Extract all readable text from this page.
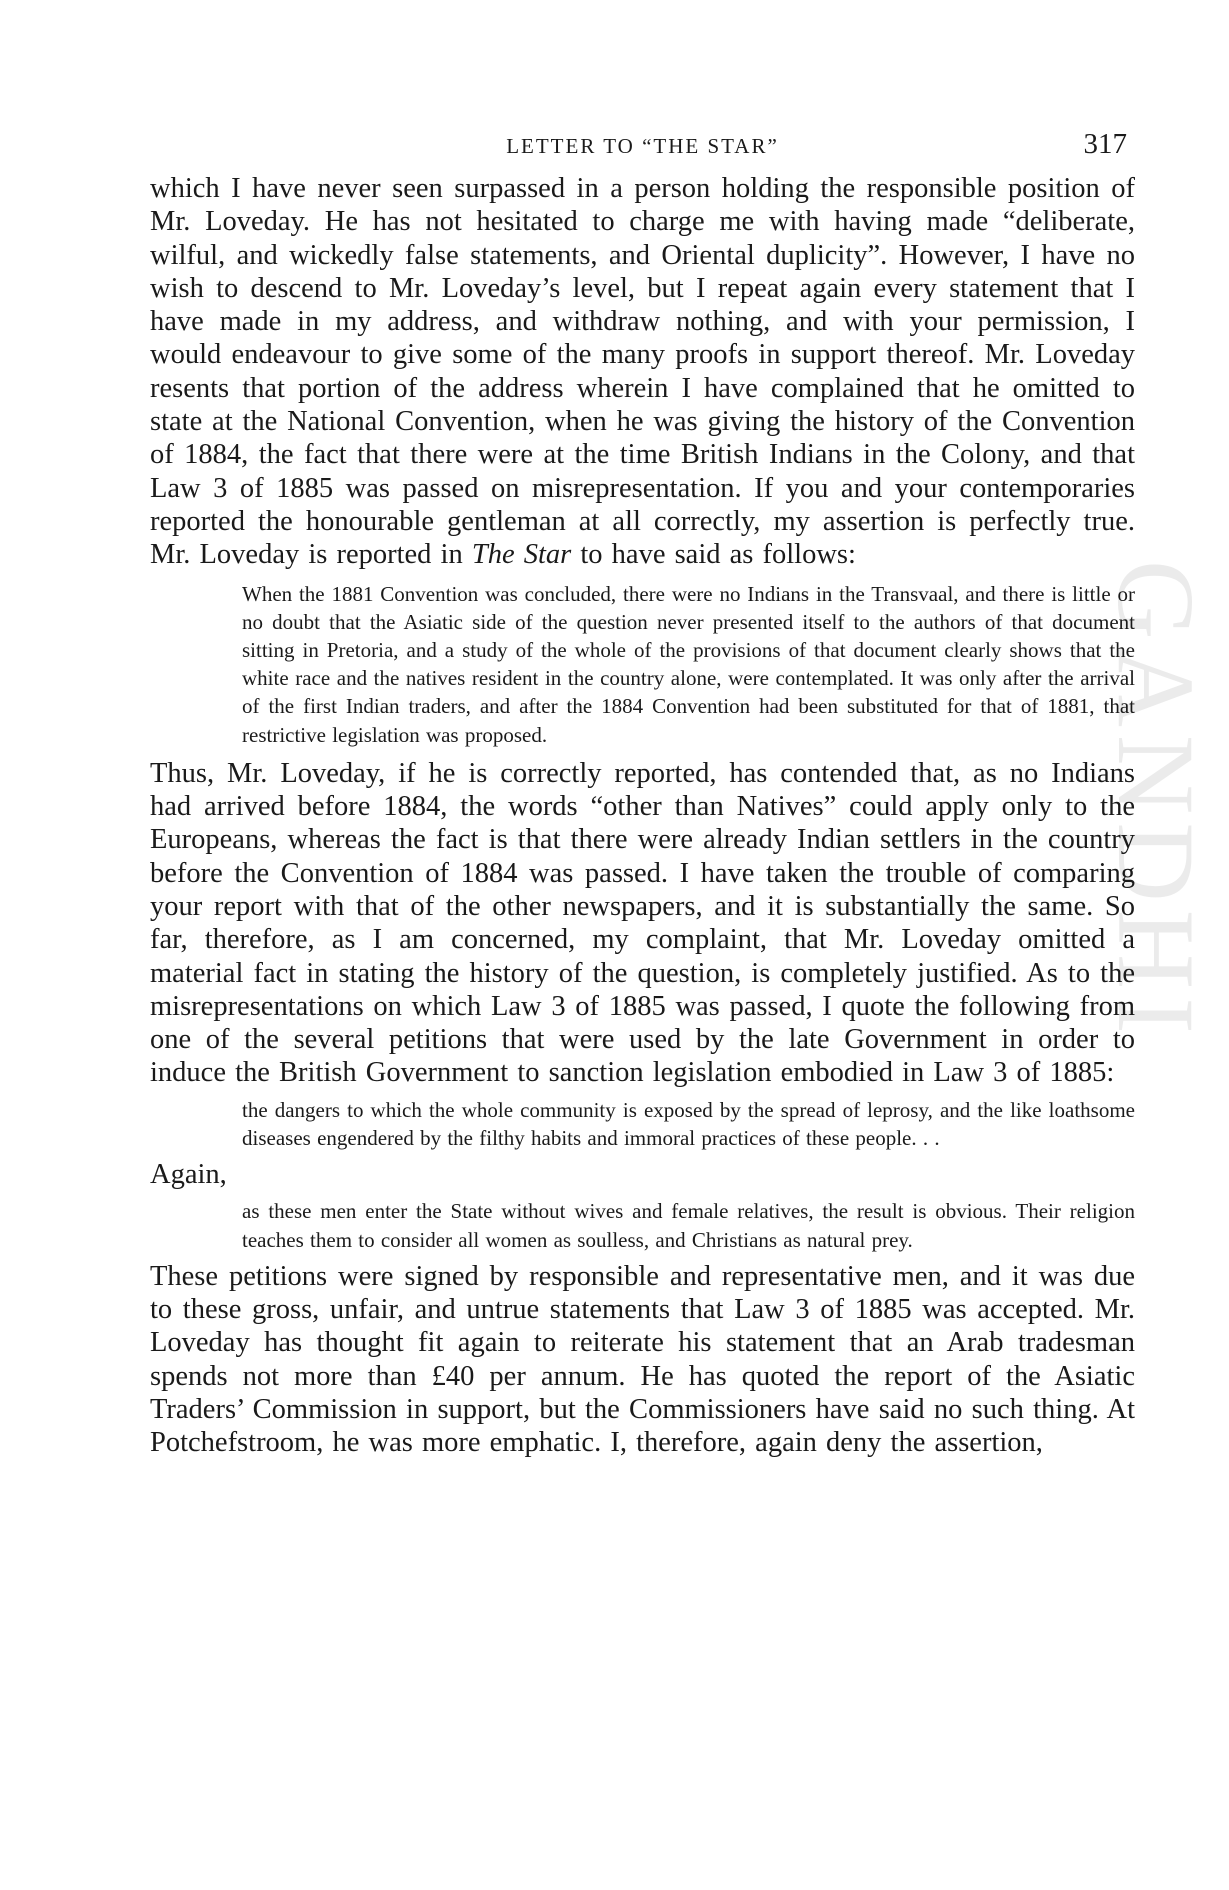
GANDHI
LETTER TO “THE STAR”	317

which I have never seen surpassed in a person holding the responsible position of Mr. Loveday. He has not hesitated to charge me with having made “deliberate, wilful, and wickedly false statements, and Oriental duplicity”. However, I have no wish to descend to Mr. Loveday’s level, but I repeat again every statement that I have made in my address, and withdraw nothing, and with your permission, I would endeavour to give some of the many proofs in support thereof. Mr. Loveday resents that portion of the address wherein I have complained that he omitted to state at the National Convention, when he was giving the history of the Convention of 1884, the fact that there were at the time British Indians in the Colony, and that Law 3 of 1885 was passed on misrepresentation. If you and your contemporaries reported the honourable gentleman at all correctly, my assertion is perfectly true. Mr. Loveday is reported in The Star to have said as follows:

When the 1881 Convention was concluded, there were no Indians in the Transvaal, and there is little or no doubt that the Asiatic side of the question never presented itself to the authors of that document sitting in Pretoria, and a study of the whole of the provisions of that document clearly shows that the white race and the natives resident in the country alone, were contemplated. It was only after the arrival of the first Indian traders, and after the 1884 Convention had been substituted for that of 1881, that restrictive legislation was proposed.

Thus, Mr. Loveday, if he is correctly reported, has contended that, as no Indians had arrived before 1884, the words “other than Natives” could apply only to the Europeans, whereas the fact is that there were already Indian settlers in the country before the Convention of 1884 was passed. I have taken the trouble of comparing your report with that of the other newspapers, and it is substantially the same. So far, therefore, as I am concerned, my complaint, that Mr. Loveday omitted a material fact in stating the history of the question, is completely justified. As to the misrepresentations on which Law 3 of 1885 was passed, I quote the following from one of the several petitions that were used by the late Government in order to induce the British Government to sanction legislation embodied in Law 3 of 1885:

the dangers to which the whole community is exposed by the spread of leprosy, and the like loathsome diseases engendered by the filthy habits and immoral practices of these people. . .

Again,

as these men enter the State without wives and female relatives, the result is obvious. Their religion teaches them to consider all women as soulless, and Christians as natural prey.

These petitions were signed by responsible and representative men, and it was due to these gross, unfair, and untrue statements that Law 3 of 1885 was accepted. Mr. Loveday has thought fit again to reiterate his statement that an Arab tradesman spends not more than £40 per annum. He has quoted the report of the Asiatic Traders’ Commission in support, but the Commissioners have said no such thing. At Potchefstroom, he was more emphatic. I, therefore, again deny the assertion,
